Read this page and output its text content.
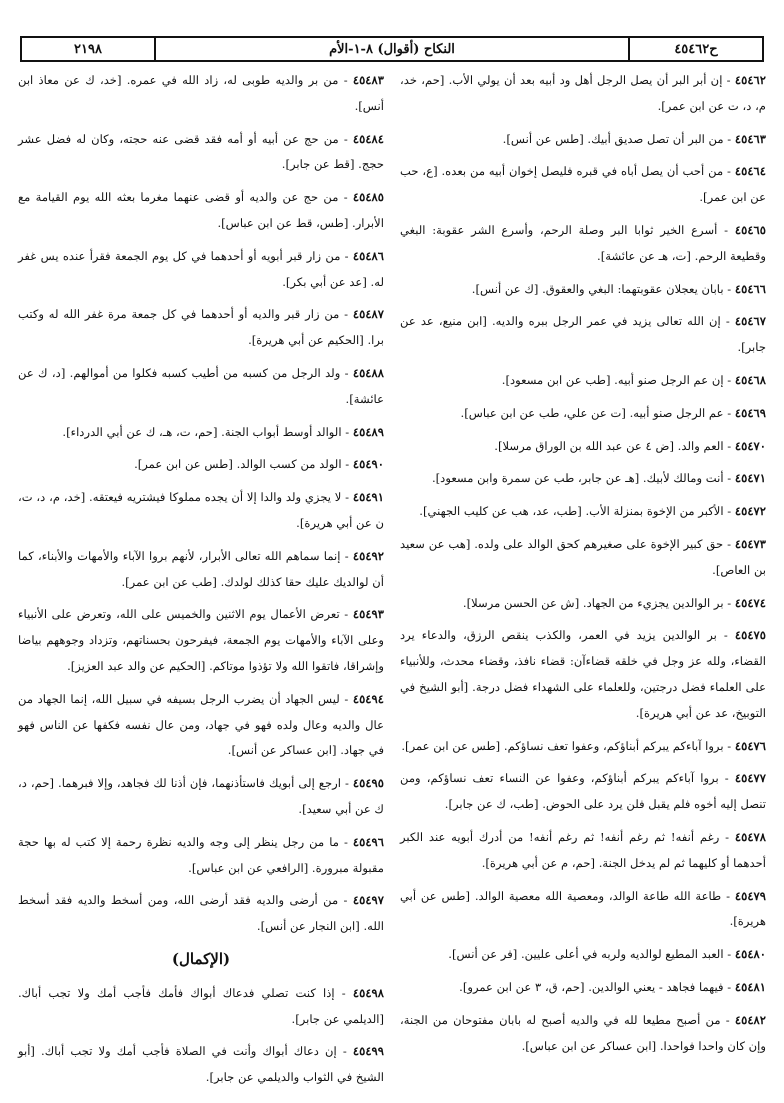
٢١٩٨	النكاح (أقوال) ٨-١-الأم	ح٤٥٤٦٢

٤٥٤٦٢ - إن أبر البر أن يصل الرجل أهل ود أبيه بعد أن يولي الأب. [حم، خد، م، د، ت عن ابن عمر].

٤٥٤٦٣ - من البر أن تصل صديق أبيك. [طس عن أنس].

٤٥٤٦٤ - من أحب أن يصل أباه في قبره فليصل إخوان أبيه من بعده. [ع، حب عن ابن عمر].

٤٥٤٦٥ - أسرع الخير ثوابا البر وصلة الرحم، وأسرع الشر عقوبة: البغي وقطيعة الرحم. [ت، هـ عن عائشة].

٤٥٤٦٦ - بابان يعجلان عقوبتهما: البغي والعقوق. [ك عن أنس].

٤٥٤٦٧ - إن الله تعالى يزيد في عمر الرجل ببره والديه. [ابن منيع، عد عن جابر].

٤٥٤٦٨ - إن عم الرجل صنو أبيه. [طب عن ابن مسعود].

٤٥٤٦٩ - عم الرجل صنو أبيه. [ت عن علي، طب عن ابن عباس].

٤٥٤٧٠ - العم والد. [ض ٤ عن عبد الله بن الوراق مرسلا].

٤٥٤٧١ - أنت ومالك لأبيك. [هـ عن جابر، طب عن سمرة وابن مسعود].

٤٥٤٧٢ - الأكبر من الإخوة بمنزلة الأب. [طب، عد، هب عن كليب الجهني].

٤٥٤٧٣ - حق كبير الإخوة على صغيرهم كحق الوالد على ولده. [هب عن سعيد بن العاص].

٤٥٤٧٤ - بر الوالدين يجزيء من الجهاد. [ش عن الحسن مرسلا].

٤٥٤٧٥ - بر الوالدين يزيد في العمر، والكذب ينقص الرزق، والدعاء يرد القضاء، ولله عز وجل في خلقه قضاءآن: قضاء نافذ، وقضاء محدث، وللأنبياء على العلماء فضل درجتين، وللعلماء على الشهداء فضل درجة. [أبو الشيخ في التوبيخ، عد عن أبي هريرة].

٤٥٤٧٦ - بروا آباءكم يبركم أبناؤكم، وعفوا تعف نساؤكم. [طس عن ابن عمر].

٤٥٤٧٧ - بروا آباءكم يبركم أبناؤكم، وعفوا عن النساء تعف نساؤكم، ومن تنصل إليه أخوه فلم يقبل فلن يرد على الحوض. [طب، ك عن جابر].

٤٥٤٧٨ - رغم أنفه! ثم رغم أنفه! ثم رغم أنفه! من أدرك أبويه عند الكبر أحدهما أو كليهما ثم لم يدخل الجنة. [حم، م عن أبي هريرة].

٤٥٤٧٩ - طاعة الله طاعة الوالد، ومعصية الله معصية الوالد. [طس عن أبي هريرة].

٤٥٤٨٠ - العبد المطيع لوالديه ولربه في أعلى عليين. [فر عن أنس].

٤٥٤٨١ - فيهما فجاهد - يعني الوالدين. [حم، ق، ٣ عن ابن عمرو].

٤٥٤٨٢ - من أصبح مطيعا لله في والديه أصبح له بابان مفتوحان من الجنة، وإن كان واحدا فواحدا. [ابن عساكر عن ابن عباس].

٤٥٤٨٣ - من بر والديه طوبى له، زاد الله في عمره. [خد، ك عن معاذ ابن أنس].

٤٥٤٨٤ - من حج عن أبيه أو أمه فقد قضى عنه حجته، وكان له فضل عشر حجج. [قط عن جابر].

٤٥٤٨٥ - من حج عن والديه أو قضى عنهما مغرما بعثه الله يوم القيامة مع الأبرار. [طس، قط عن ابن عباس].

٤٥٤٨٦ - من زار قبر أبويه أو أحدهما في كل يوم الجمعة فقرأ عنده يس غفر له. [عد عن أبي بكر].

٤٥٤٨٧ - من زار قبر والديه أو أحدهما في كل جمعة مرة غفر الله له وكتب برا. [الحكيم عن أبي هريرة].

٤٥٤٨٨ - ولد الرجل من كسبه من أطيب كسبه فكلوا من أموالهم. [د، ك عن عائشة].

٤٥٤٨٩ - الوالد أوسط أبواب الجنة. [حم، ت، هـ، ك عن أبي الدرداء].

٤٥٤٩٠ - الولد من كسب الوالد. [طس عن ابن عمر].

٤٥٤٩١ - لا يجزي ولد والدا إلا أن يجده مملوكا فيشتريه فيعتقه. [خد، م، د، ت، ن عن أبي هريرة].

٤٥٤٩٢ - إنما سماهم الله تعالى الأبرار، لأنهم بروا الآباء والأمهات والأبناء، كما أن لوالديك عليك حقا كذلك لولدك. [طب عن ابن عمر].

٤٥٤٩٣ - تعرض الأعمال يوم الاثنين والخميس على الله، وتعرض على الأنبياء وعلى الآباء والأمهات يوم الجمعة، فيفرحون بحسناتهم، وتزداد وجوههم بياضا وإشراقا، فاتقوا الله ولا تؤذوا موتاكم. [الحكيم عن والد عبد العزيز].

٤٥٤٩٤ - ليس الجهاد أن يضرب الرجل بسيفه في سبيل الله، إنما الجهاد من عال والديه وعال ولده فهو في جهاد، ومن عال نفسه فكفها عن الناس فهو في جهاد. [ابن عساكر عن أنس].

٤٥٤٩٥ - ارجع إلى أبويك فاستأذنهما، فإن أذنا لك فجاهد، وإلا فبرهما. [حم، د، ك عن أبي سعيد].

٤٥٤٩٦ - ما من رجل ينظر إلى وجه والديه نظرة رحمة إلا كتب له بها حجة مقبولة مبرورة. [الرافعي عن ابن عباس].

٤٥٤٩٧ - من أرضى والديه فقد أرضى الله، ومن أسخط والديه فقد أسخط الله. [ابن النجار عن أنس].

(الإكمال)

٤٥٤٩٨ - إذا كنت تصلي فدعاك أبواك فأمك فأجب أمك ولا تجب أباك. [الديلمي عن جابر].

٤٥٤٩٩ - إن دعاك أبواك وأنت في الصلاة فأجب أمك ولا تجب أباك. [أبو الشيخ في الثواب والديلمي عن جابر].
